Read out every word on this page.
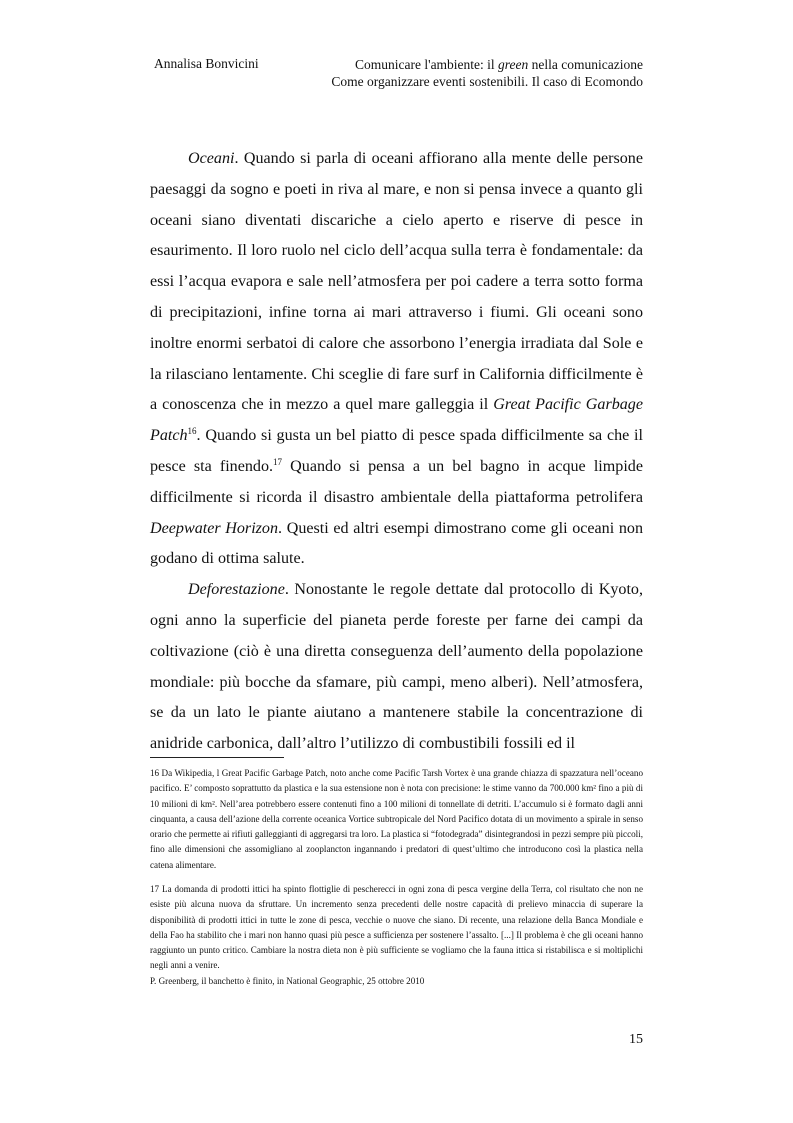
Annalisa Bonvicini	Comunicare l'ambiente: il green nella comunicazione
Come organizzare eventi sostenibili. Il caso di Ecomondo

Oceani. Quando si parla di oceani affiorano alla mente delle persone paesaggi da sogno e poeti in riva al mare, e non si pensa invece a quanto gli oceani siano diventati discariche a cielo aperto e riserve di pesce in esaurimento. Il loro ruolo nel ciclo dell’acqua sulla terra è fondamentale: da essi l’acqua evapora e sale nell’atmosfera per poi cadere a terra sotto forma di precipitazioni, infine torna ai mari attraverso i fiumi. Gli oceani sono inoltre enormi serbatoi di calore che assorbono l’energia irradiata dal Sole e la rilasciano lentamente. Chi sceglie di fare surf in California difficilmente è a conoscenza che in mezzo a quel mare galleggia il Great Pacific Garbage Patch$^{16}$. Quando si gusta un bel piatto di pesce spada difficilmente sa che il pesce sta finendo.$^{17}$ Quando si pensa a un bel bagno in acque limpide difficilmente si ricorda il disastro ambientale della piattaforma petrolifera Deepwater Horizon. Questi ed altri esempi dimostrano come gli oceani non godano di ottima salute.

Deforestazione. Nonostante le regole dettate dal protocollo di Kyoto, ogni anno la superficie del pianeta perde foreste per farne dei campi da coltivazione (ciò è una diretta conseguenza dell’aumento della popolazione mondiale: più bocche da sfamare, più campi, meno alberi). Nell’atmosfera, se da un lato le piante aiutano a mantenere stabile la concentrazione di anidride carbonica, dall’altro l’utilizzo di combustibili fossili ed il

16 Da Wikipedia, l Great Pacific Garbage Patch, noto anche come Pacific Tarsh Vortex è una grande chiazza di spazzatura nell’oceano pacifico. E’ composto soprattutto da plastica e la sua estensione non è nota con precisione: le stime vanno da 700.000 km² fino a più di 10 milioni di km². Nell’area potrebbero essere contenuti fino a 100 milioni di tonnellate di detriti. L’accumulo si è formato dagli anni cinquanta, a causa dell’azione della corrente oceanica Vortice subtropicale del Nord Pacifico dotata di un movimento a spirale in senso orario che permette ai rifiuti galleggianti di aggregarsi tra loro. La plastica si “fotodegrada” disintegrandosi in pezzi sempre più piccoli, fino alle dimensioni che assomigliano al zooplancton ingannando i predatori di quest’ultimo che introducono così la plastica nella catena alimentare.
17 La domanda di prodotti ittici ha spinto flottiglie di pescherecci in ogni zona di pesca vergine della Terra, col risultato che non ne esiste più alcuna nuova da sfruttare. Un incremento senza precedenti delle nostre capacità di prelievo minaccia di superare la disponibilità di prodotti ittici in tutte le zone di pesca, vecchie o nuove che siano. Di recente, una relazione della Banca Mondiale e della Fao ha stabilito che i mari non hanno quasi più pesce a sufficienza per sostenere l’assalto. [...] Il problema è che gli oceani hanno raggiunto un punto critico. Cambiare la nostra dieta non è più sufficiente se vogliamo che la fauna ittica si ristabilisca e si moltiplichi negli anni a venire.
P. Greenberg, il banchetto è finito, in National Geographic, 25 ottobre 2010
15
